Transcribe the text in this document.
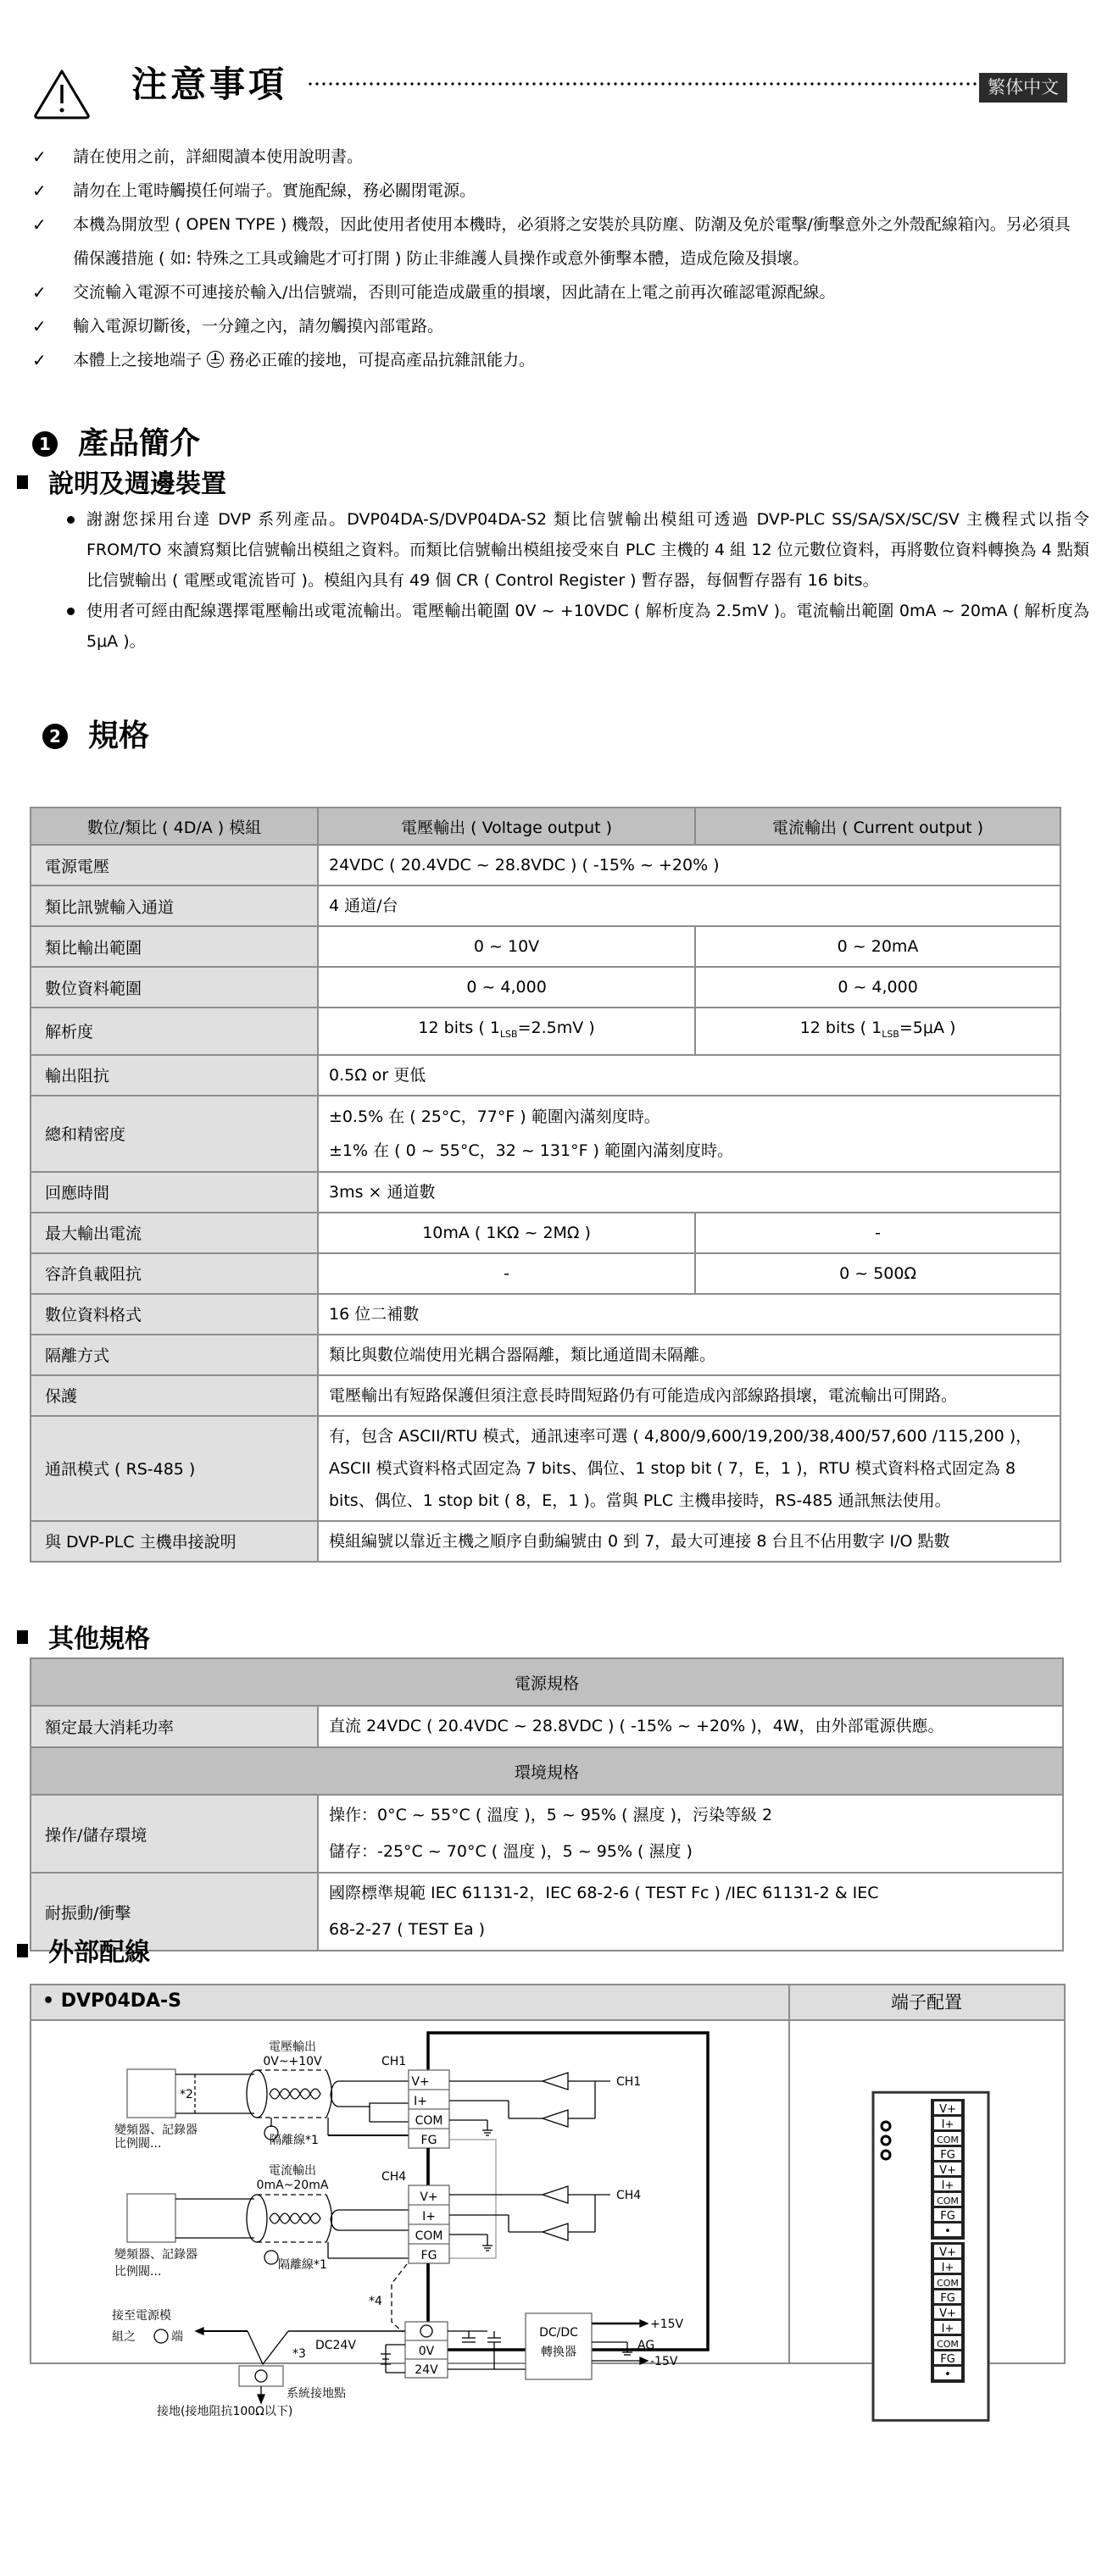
注意事項	繁体中文
✓ 請在使用之前，詳細閱讀本使用說明書。
✓ 請勿在上電時觸摸任何端子。實施配線，務必關閉電源。
✓ 本機為開放型 ( OPEN TYPE ) 機殼，因此使用者使用本機時，必須將之安裝於具防塵、防潮及免於電擊/衝擊意外之外殼配線箱內。另必須具備保護措施 ( 如: 特殊之工具或鑰匙才可打開 ) 防止非維護人員操作或意外衝擊本體，造成危險及損壞。
✓ 交流輸入電源不可連接於輸入/出信號端，否則可能造成嚴重的損壞，因此請在上電之前再次確認電源配線。
✓ 輸入電源切斷後，一分鐘之內，請勿觸摸內部電路。
✓ 本體上之接地端子 務必正確的接地，可提高產品抗雜訊能力。
1 產品簡介
說明及週邊裝置
謝謝您採用台達 DVP 系列產品。DVP04DA-S/DVP04DA-S2 類比信號輸出模組可透過 DVP-PLC SS/SA/SX/SC/SV 主機程式以指令 FROM/TO 來讀寫類比信號輸出模組之資料。而類比信號輸出模組接受來自 PLC 主機的 4 組 12 位元數位資料，再將數位資料轉換為 4 點類比信號輸出 ( 電壓或電流皆可 )。模組內具有 49 個 CR ( Control Register ) 暫存器，每個暫存器有 16 bits。
使用者可經由配線選擇電壓輸出或電流輸出。電壓輸出範圍 0V ~ +10VDC ( 解析度為 2.5mV )。電流輸出範圍 0mA ~ 20mA ( 解析度為 5μA )。
2 規格
數位/類比 ( 4D/A ) 模組	電壓輸出 ( Voltage output )	電流輸出 ( Current output )
電源電壓	24VDC ( 20.4VDC ~ 28.8VDC ) ( -15% ~ +20% )	
類比訊號輸入通道	4 通道/台	
類比輸出範圍	0 ~ 10V	0 ~ 20mA
數位資料範圍	0 ~ 4,000	0 ~ 4,000
解析度	12 bits ( $1_{LSB}=2.5mV$ )	12 bits ( $1_{LSB}=5\mu A$ )
輸出阻抗	0.5Ω or 更低	
總和精密度	±0.5% 在 ( 25°C，77°F ) 範圍內滿刻度時。
±1% 在 ( 0 ~ 55°C，32 ~ 131°F ) 範圍內滿刻度時。	

回應時間	3ms × 通道數	
最大輸出電流	10mA ( 1KΩ ~ 2MΩ )	-
容許負載阻抗	-	0 ~ 500Ω
數位資料格式	16 位二補數	
隔離方式	類比與數位端使用光耦合器隔離，類比通道間未隔離。	
保護	電壓輸出有短路保護但須注意長時間短路仍有可能造成內部線路損壞，電流輸出可開路。	
通訊模式 ( RS-485 )	有，包含 ASCII/RTU 模式，通訊速率可選 ( 4,800/9,600/19,200/38,400/57,600 /115,200 )，ASCII 模式資料格式固定為 7 bits、偶位、1 stop bit ( 7，E，1 )，RTU 模式資料格式固定為 8 bits、偶位、1 stop bit ( 8，E，1 )。當與 PLC 主機串接時，RS-485 通訊無法使用。	
與 DVP-PLC 主機串接說明	模組編號以靠近主機之順序自動編號由 0 到 7，最大可連接 8 台且不佔用數字 I/O 點數	
其他規格
電源規格	
額定最大消耗功率	直流 24VDC ( 20.4VDC ~ 28.8VDC ) ( -15% ~ +20% )，4W，由外部電源供應。
環境規格	
操作/儲存環境	操作：0°C ~ 55°C ( 溫度 )，5 ~ 95% ( 濕度 )，污染等級 2
儲存：-25°C ~ 70°C ( 溫度 )，5 ~ 95% ( 濕度 )

耐振動/衝擊	國際標準規範 IEC 61131-2，IEC 68-2-6 ( TEST Fc ) /IEC 61131-2 & IEC
68-2-27 ( TEST Ea )
外部配線
• DVP04DA-S	端子配置
電壓輸出
0V~+10V	CH1
*2
變頻器、記錄器
比例閥...	隔離線*1
V+
I+
COM
FG
CH1
電流輸出
0mA~20mA
CH4
變頻器、記錄器
比例閥...	隔離線*1
V+
I+
COM
FG
CH4
*4
接至電源模
組之	端
*3
DC24V	0V
24V
DC/DC
轉換器
+15V
AG
-15V
系統接地點
接地(接地阻抗100Ω以下)
V+
I+
COM
FG
V+
I+
COM
FG
•
V+
I+
COM
FG
V+
I+
COM
FG
•
